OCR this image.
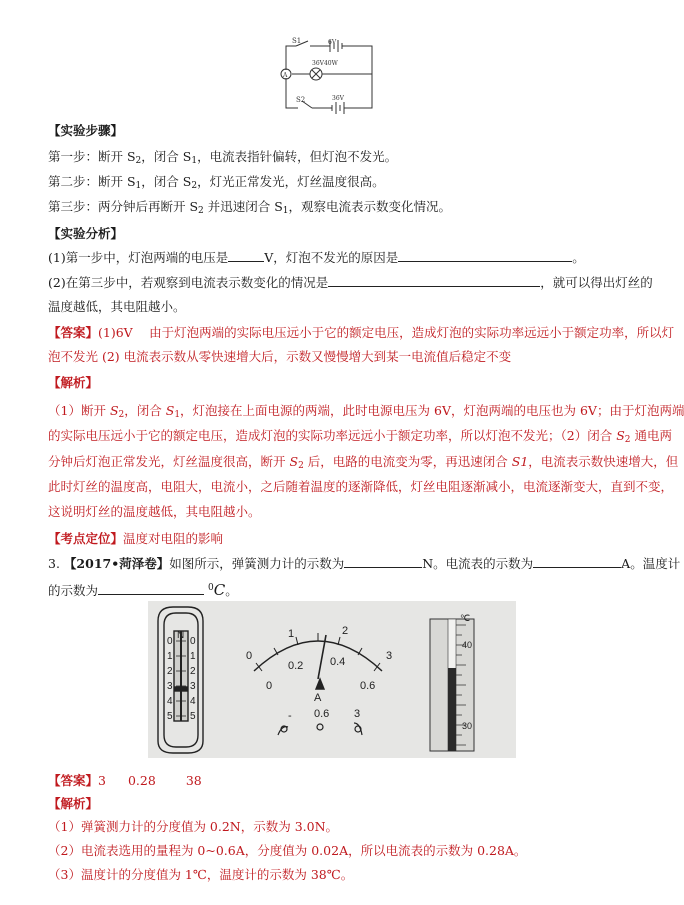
S1	6V
36V40W
A
S2	36V
【实验步骤】
第一步：断开 $S_2$，闭合 $S_1$，电流表指针偏转，但灯泡不发光。
第二步：断开 $S_1$，闭合 $S_2$，灯光正常发光，灯丝温度很高。
第三步：两分钟后再断开 $S_2$ 并迅速闭合 $S_1$，观察电流表示数变化情况。
【实验分析】
(1)第一步中，灯泡两端的电压是	V，灯泡不发光的原因是	。
(2)在第三步中，若观察到电流表示数变化的情况是	，就可以得出灯丝的
温度越低，其电阻越小。
【答案】(1)6V　 由于灯泡两端的实际电压远小于它的额定电压，造成灯泡的实际功率远远小于额定功率，所以灯
泡不发光 (2) 电流表示数从零快速增大后，示数又慢慢增大到某一电流值后稳定不变
【解析】
（1）断开 $S_2$，闭合 $S_1$，灯泡接在上面电源的两端，此时电源电压为 6V，灯泡两端的电压也为 6V；由于灯泡两端
的实际电压远小于它的额定电压，造成灯泡的实际功率远远小于额定功率，所以灯泡不发光；（2）闭合 $S_2$ 通电两
分钟后灯泡正常发光，灯丝温度很高，断开 $S_2$ 后，电路的电流变为零，再迅速闭合 S1，电流表示数快速增大，但
此时灯丝的温度高，电阻大，电流小，之后随着温度的逐渐降低，灯丝电阻逐渐减小，电流逐渐变大，直到不变，
这说明灯丝的温度越低，其电阻越小。
【考点定位】温度对电阻的影响
3. 【2017•菏泽卷】如图所示，弹簧测力计的示数为	N。电流表的示数为	A。温度计
的示数为	$^0$C。
N
0
1
2
3
4
5
0
1
2
3
4
5
0
1	2
3
0
0.2 0.4
0.6
A
- 0.6 3
℃
40
30
【答案】3 0.28 38
【解析】
（1）弹簧测力计的分度值为 0.2N，示数为 3.0N。
（2）电流表选用的量程为 0~0.6A，分度值为 0.02A，所以电流表的示数为 0.28A。
（3）温度计的分度值为 1℃，温度计的示数为 38℃。
